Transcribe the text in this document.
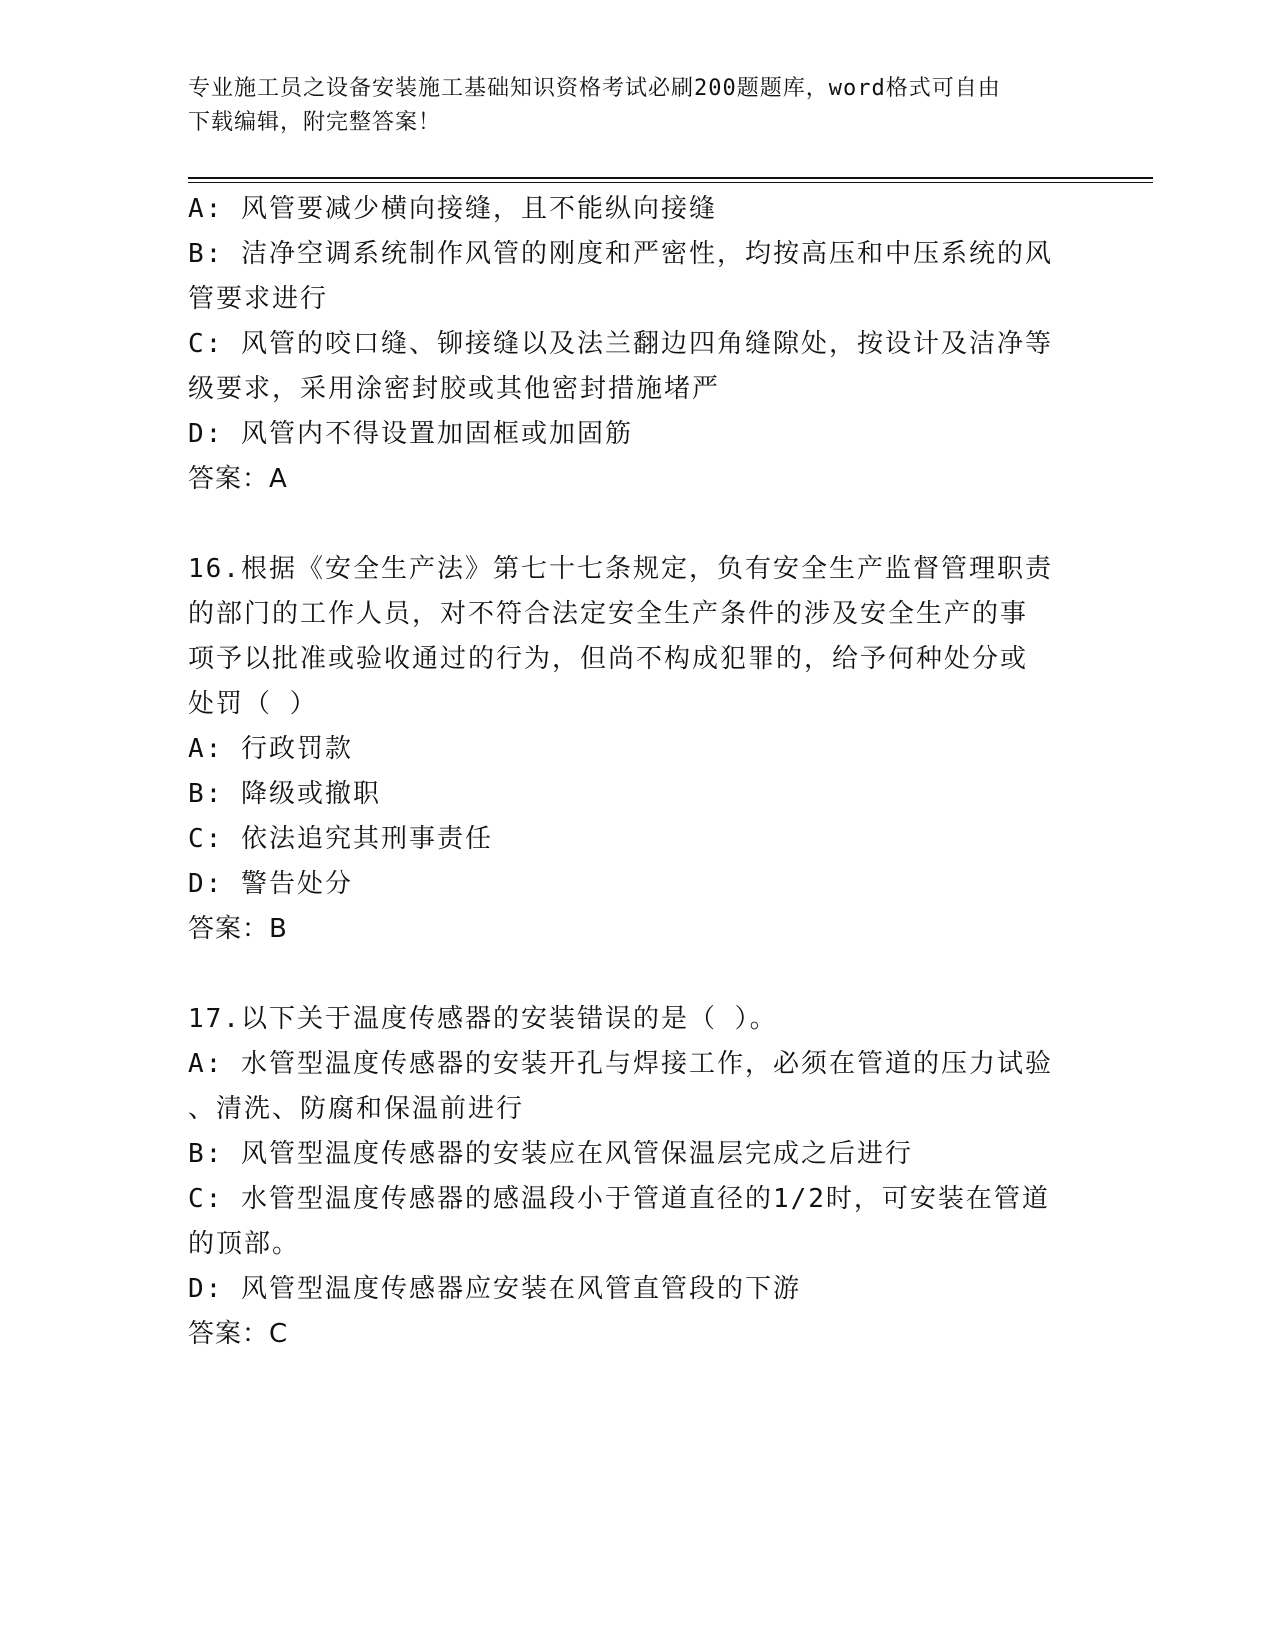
专业施工员之设备安装施工基础知识资格考试必刷200题题库，word格式可自由
下载编辑，附完整答案！

A: 风管要减少横向接缝，且不能纵向接缝

B: 洁净空调系统制作风管的刚度和严密性，均按高压和中压系统的风

管要求进行

C: 风管的咬口缝、铆接缝以及法兰翻边四角缝隙处，按设计及洁净等

级要求，采用涂密封胶或其他密封措施堵严

D: 风管内不得设置加固框或加固筋

答案：A

16.根据《安全生产法》第七十七条规定，负有安全生产监督管理职责

的部门的工作人员，对不符合法定安全生产条件的涉及安全生产的事

项予以批准或验收通过的行为，但尚不构成犯罪的，给予何种处分或

处罚（ ）

A: 行政罚款

B: 降级或撤职

C: 依法追究其刑事责任

D: 警告处分

答案：B

17.以下关于温度传感器的安装错误的是（ ）。

A: 水管型温度传感器的安装开孔与焊接工作，必须在管道的压力试验

、清洗、防腐和保温前进行

B: 风管型温度传感器的安装应在风管保温层完成之后进行

C: 水管型温度传感器的感温段小于管道直径的1/2时，可安装在管道

的顶部。

D: 风管型温度传感器应安装在风管直管段的下游

答案：C
